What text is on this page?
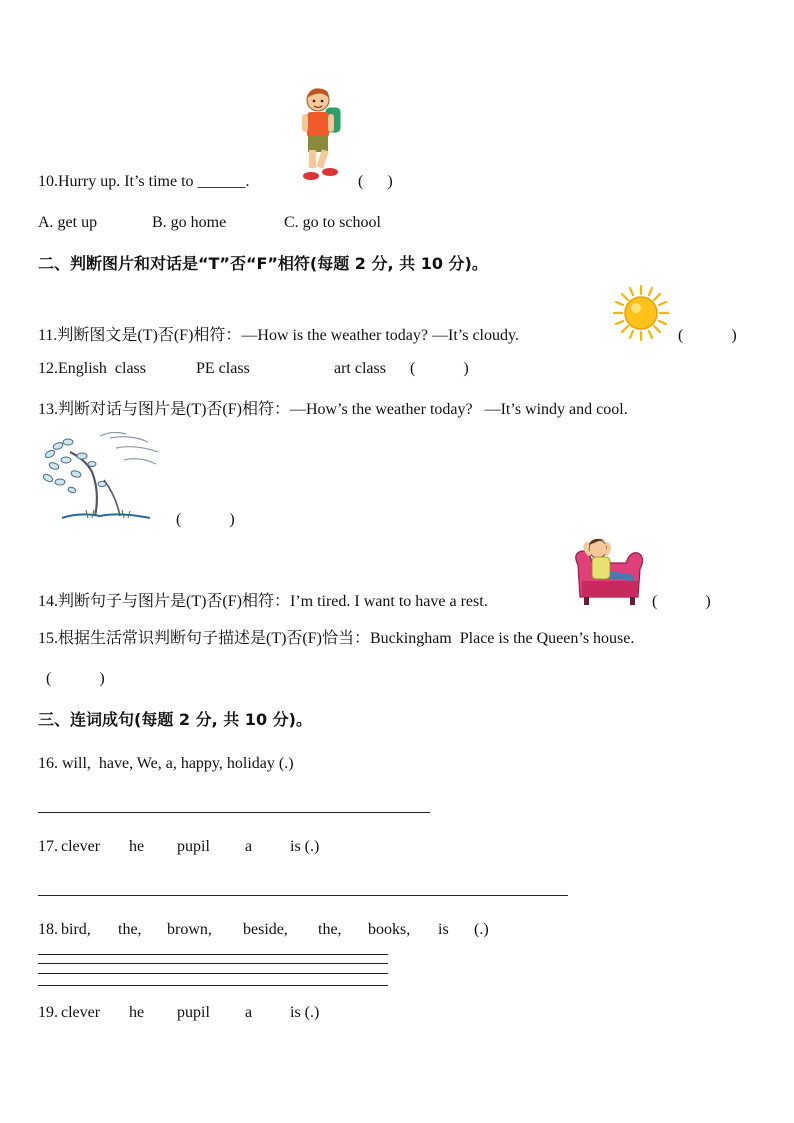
10.Hurry up. It’s time to ______.	(      )
A. get up	B. go home	C. go to school
二、判断图片和对话是“T”否“F”相符(每题 2 分, 共 10 分)。
11.判断图文是(T)否(F)相符：—How is the weather today? —It’s cloudy.	(            )
12.English  class	PE class	art class (            )
13.判断对话与图片是(T)否(F)相符：—How’s the weather today?   —It’s windy and cool.
(            )
14.判断句子与图片是(T)否(F)相符：I’m tired. I want to have a rest.	(            )
15.根据生活常识判断句子描述是(T)否(F)恰当：Buckingham  Place is the Queen’s house.
(            )
三、连词成句(每题 2 分, 共 10 分)。
16. will,  have, We, a, happy, holiday (.)
17. clever he pupil a is (.)
18. bird, the, brown, beside, the, books, is (.)
19. clever he pupil a is (.)
